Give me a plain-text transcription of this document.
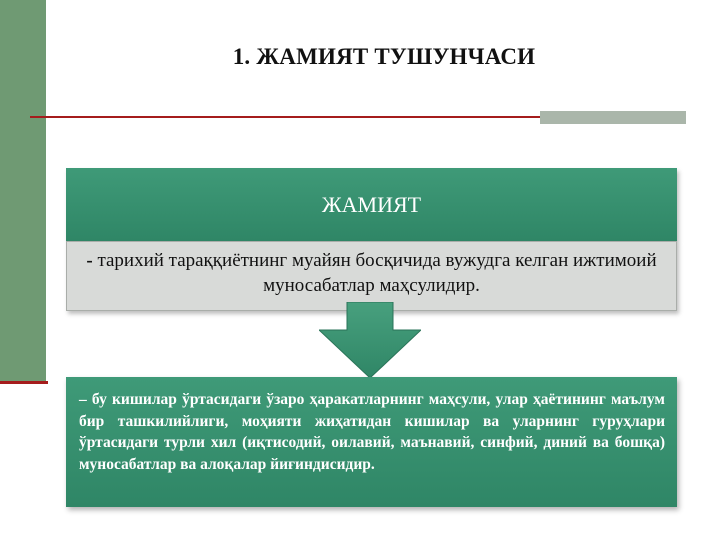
1. ЖАМИЯТ ТУШУНЧАСИ
ЖАМИЯТ
- тарихий тараққиётнинг муайян босқичида вужудга келган ижтимоий муносабатлар маҳсулидир.
– бу кишилар ўртасидаги ўзаро ҳаракатларнинг маҳсули, улар ҳаётининг маълум бир ташкилийлиги, моҳияти жиҳатидан кишилар ва уларнинг гуруҳлари ўртасидаги турли хил (иқтисодий, оилавий, маънавий, синфий, диний ва бошқа) муносабатлар ва алоқалар йиғиндисидир.
